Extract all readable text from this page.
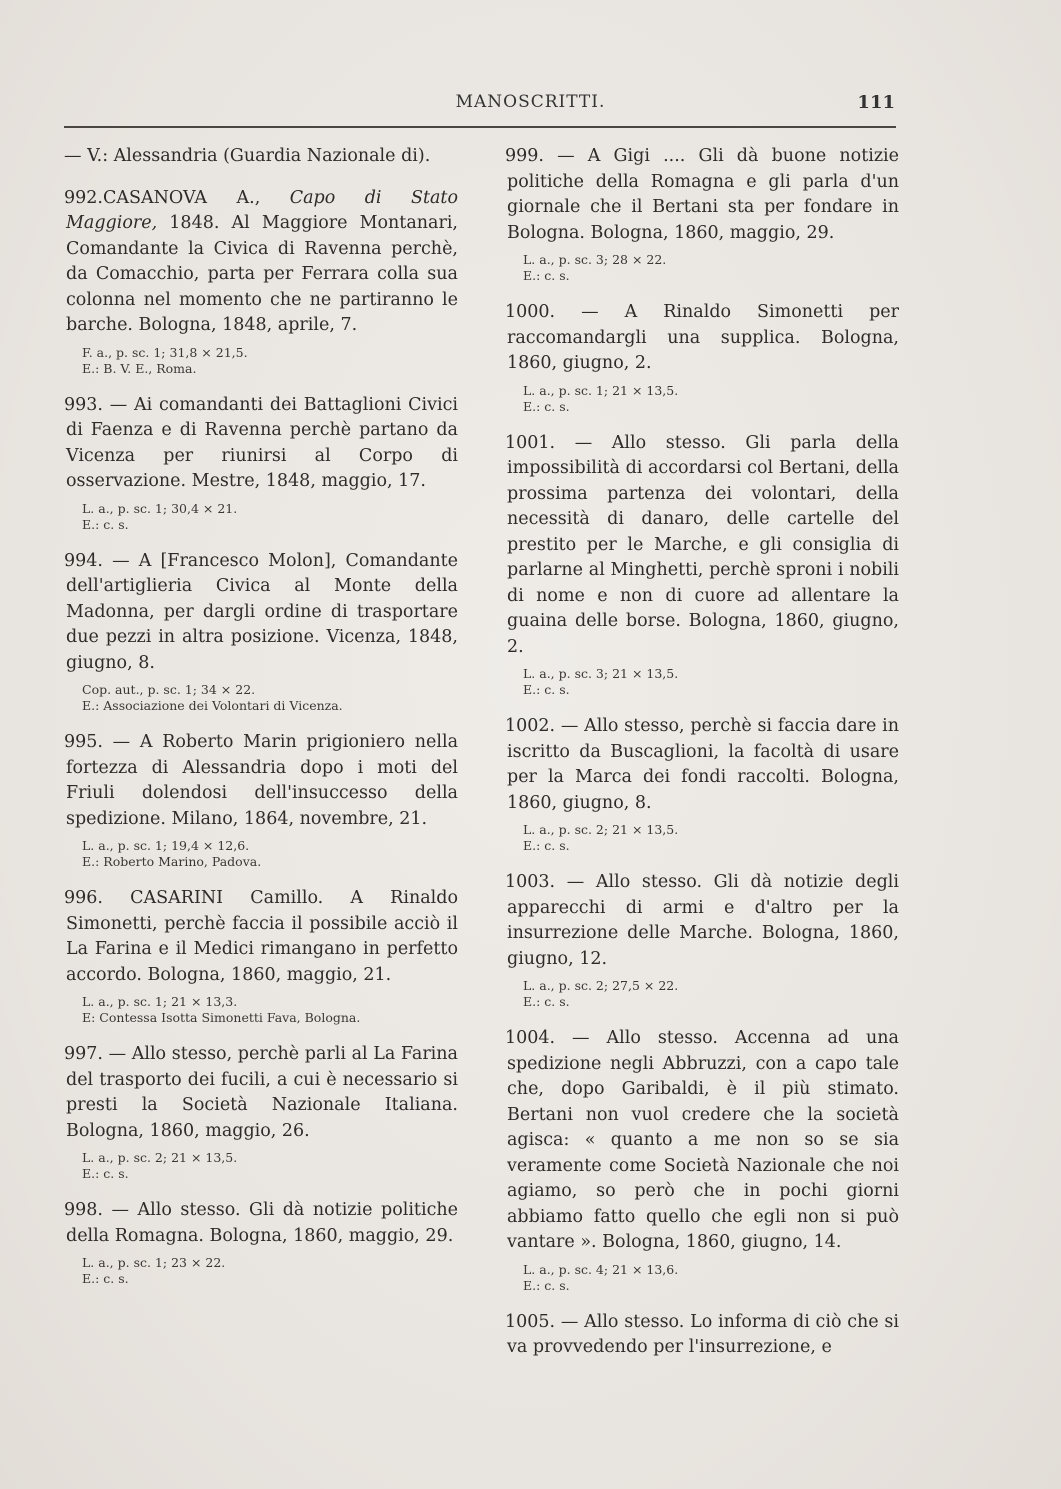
MANOSCRITTI.	111

— V.: Alessandria (Guardia Nazionale di).

992.CASANOVA A., Capo di Stato Maggiore, 1848. Al Maggiore Montanari, Comandante la Civica di Ravenna perchè, da Comacchio, parta per Ferrara colla sua colonna nel momento che ne partiranno le barche. Bologna, 1848, aprile, 7.

F. a., p. sc. 1; 31,8 × 21,5.
E.: B. V. E., Roma.

993. — Ai comandanti dei Battaglioni Civici di Faenza e di Ravenna perchè partano da Vicenza per riunirsi al Corpo di osservazione. Mestre, 1848, maggio, 17.

L. a., p. sc. 1; 30,4 × 21.
E.: c. s.

994. — A [Francesco Molon], Comandante dell'artiglieria Civica al Monte della Madonna, per dargli ordine di trasportare due pezzi in altra posizione. Vicenza, 1848, giugno, 8.

Cop. aut., p. sc. 1; 34 × 22.
E.: Associazione dei Volontari di Vicenza.

995. — A Roberto Marin prigioniero nella fortezza di Alessandria dopo i moti del Friuli dolendosi dell'insuccesso della spedizione. Milano, 1864, novembre, 21.

L. a., p. sc. 1; 19,4 × 12,6.
E.: Roberto Marino, Padova.

996. CASARINI Camillo. A Rinaldo Simonetti, perchè faccia il possibile acciò il La Farina e il Medici rimangano in perfetto accordo. Bologna, 1860, maggio, 21.

L. a., p. sc. 1; 21 × 13,3.
E: Contessa Isotta Simonetti Fava, Bologna.

997. — Allo stesso, perchè parli al La Farina del trasporto dei fucili, a cui è necessario si presti la Società Nazionale Italiana. Bologna, 1860, maggio, 26.

L. a., p. sc. 2; 21 × 13,5.
E.: c. s.

998. — Allo stesso. Gli dà notizie politiche della Romagna. Bologna, 1860, maggio, 29.

L. a., p. sc. 1; 23 × 22.
E.: c. s.

999. — A Gigi .... Gli dà buone notizie politiche della Romagna e gli parla d'un giornale che il Bertani sta per fondare in Bologna. Bologna, 1860, maggio, 29.

L. a., p. sc. 3; 28 × 22.
E.: c. s.

1000. — A Rinaldo Simonetti per raccomandargli una supplica. Bologna, 1860, giugno, 2.

L. a., p. sc. 1; 21 × 13,5.
E.: c. s.

1001. — Allo stesso. Gli parla della impossibilità di accordarsi col Bertani, della prossima partenza dei volontari, della necessità di danaro, delle cartelle del prestito per le Marche, e gli consiglia di parlarne al Minghetti, perchè sproni i nobili di nome e non di cuore ad allentare la guaina delle borse. Bologna, 1860, giugno, 2.

L. a., p. sc. 3; 21 × 13,5.
E.: c. s.

1002. — Allo stesso, perchè si faccia dare in iscritto da Buscaglioni, la facoltà di usare per la Marca dei fondi raccolti. Bologna, 1860, giugno, 8.

L. a., p. sc. 2; 21 × 13,5.
E.: c. s.

1003. — Allo stesso. Gli dà notizie degli apparecchi di armi e d'altro per la insurrezione delle Marche. Bologna, 1860, giugno, 12.

L. a., p. sc. 2; 27,5 × 22.
E.: c. s.

1004. — Allo stesso. Accenna ad una spedizione negli Abbruzzi, con a capo tale che, dopo Garibaldi, è il più stimato. Bertani non vuol credere che la società agisca: « quanto a me non so se sia veramente come Società Nazionale che noi agiamo, so però che in pochi giorni abbiamo fatto quello che egli non si può vantare ». Bologna, 1860, giugno, 14.

L. a., p. sc. 4; 21 × 13,6.
E.: c. s.

1005. — Allo stesso. Lo informa di ciò che si va provvedendo per l'insurrezione, e
